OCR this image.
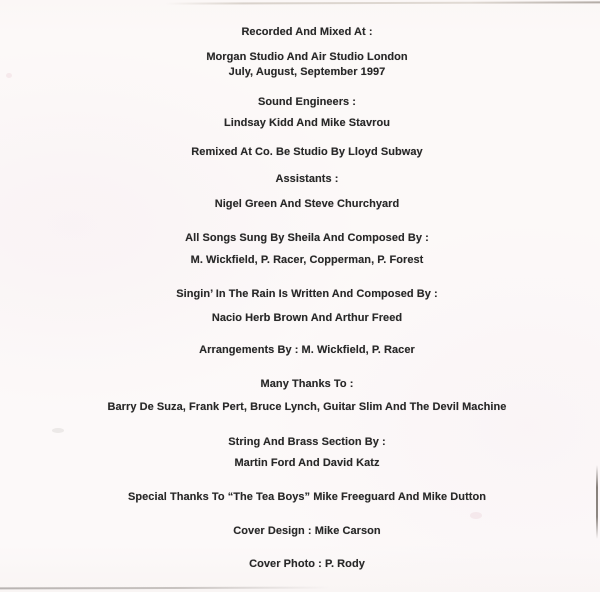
Recorded And Mixed At :

Morgan Studio And Air Studio London

July, August, September 1997

Sound Engineers :

Lindsay Kidd And Mike Stavrou

Remixed At Co. Be Studio By Lloyd Subway

Assistants :

Nigel Green And Steve Churchyard

All Songs Sung By Sheila And Composed By :

M. Wickfield, P. Racer, Copperman, P. Forest

Singin’ In The Rain Is Written And Composed By :

Nacio Herb Brown And Arthur Freed

Arrangements By : M. Wickfield, P. Racer

Many Thanks To :

Barry De Suza, Frank Pert, Bruce Lynch, Guitar Slim And The Devil Machine

String And Brass Section By :

Martin Ford And David Katz

Special Thanks To “The Tea Boys” Mike Freeguard And Mike Dutton

Cover Design : Mike Carson

Cover Photo : P. Rody
